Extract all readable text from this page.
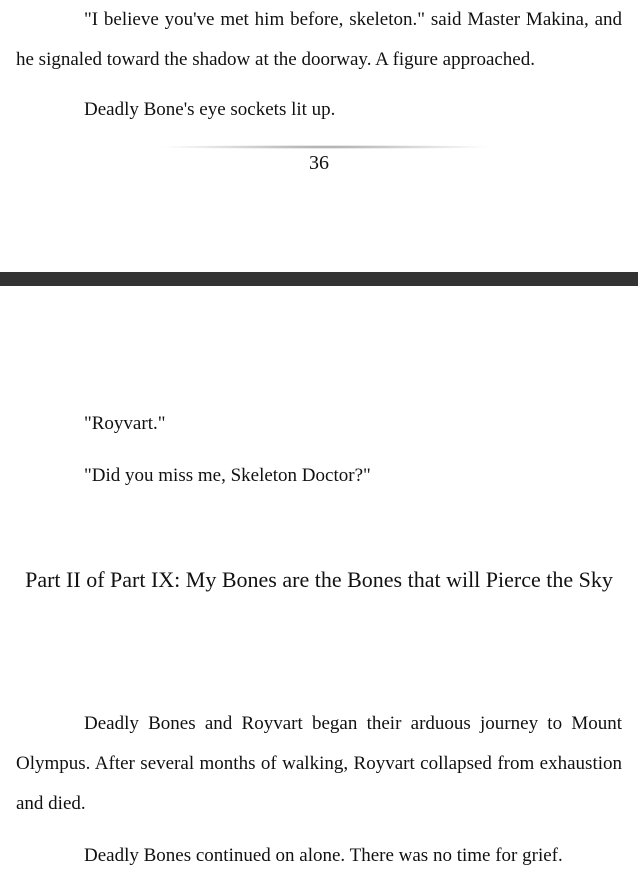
"I believe you've met him before, skeleton." said Master Makina, and he signaled toward the shadow at the doorway. A figure approached.

Deadly Bone's eye sockets lit up.

36

"Royvart."

"Did you miss me, Skeleton Doctor?"

Part II of Part IX: My Bones are the Bones that will Pierce the Sky

Deadly Bones and Royvart began their arduous journey to Mount Olympus. After several months of walking, Royvart collapsed from exhaustion and died.

Deadly Bones continued on alone. There was no time for grief.
